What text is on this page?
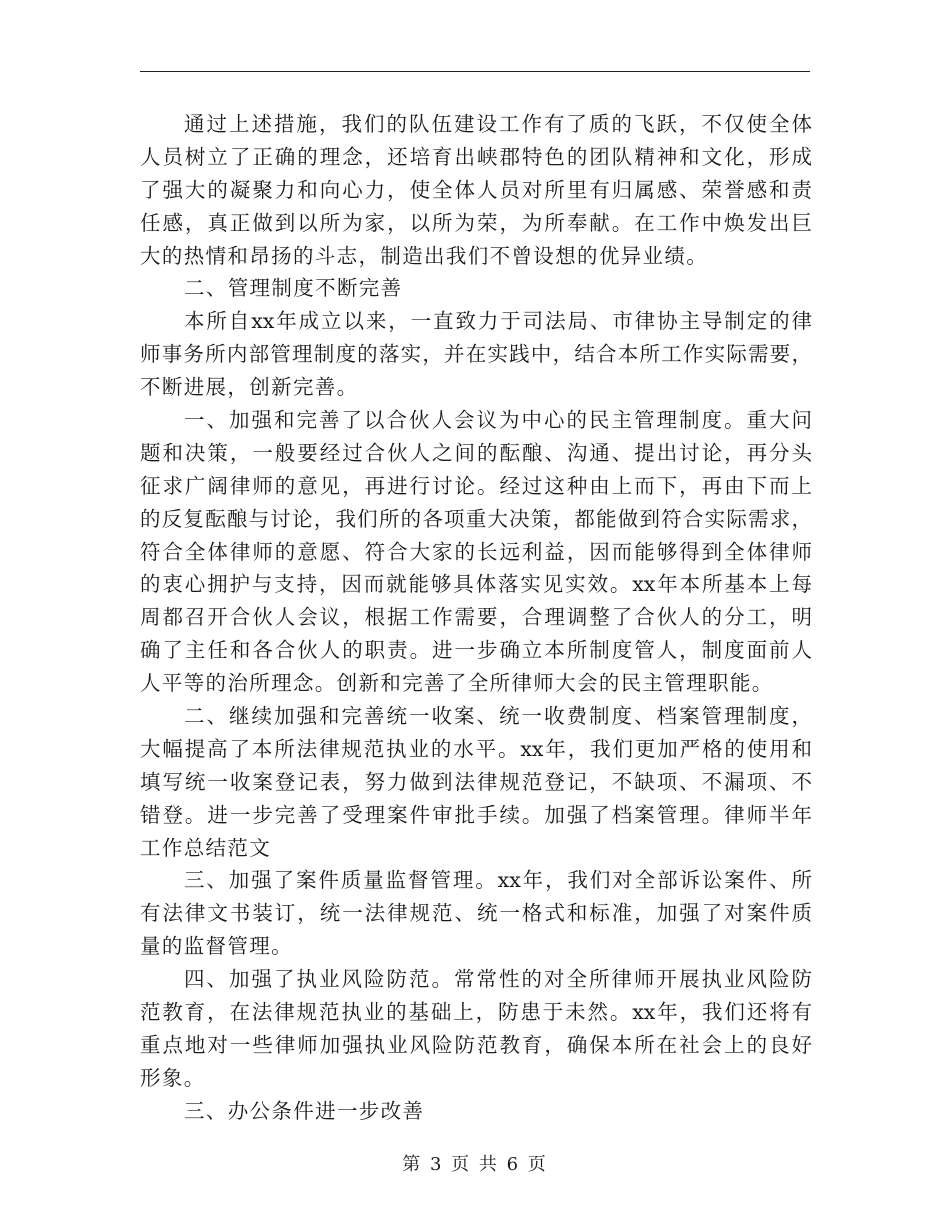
通过上述措施，我们的队伍建设工作有了质的飞跃，不仅使全体
人员树立了正确的理念，还培育出峡郡特色的团队精神和文化，形成
了强大的凝聚力和向心力，使全体人员对所里有归属感、荣誉感和责
任感，真正做到以所为家，以所为荣，为所奉献。在工作中焕发出巨
大的热情和昂扬的斗志，制造出我们不曾设想的优异业绩。
二、管理制度不断完善
本所自xx年成立以来，一直致力于司法局、市律协主导制定的律
师事务所内部管理制度的落实，并在实践中，结合本所工作实际需要，
不断进展，创新完善。
一、加强和完善了以合伙人会议为中心的民主管理制度。重大问
题和决策，一般要经过合伙人之间的酝酿、沟通、提出讨论，再分头
征求广阔律师的意见，再进行讨论。经过这种由上而下，再由下而上
的反复酝酿与讨论，我们所的各项重大决策，都能做到符合实际需求，
符合全体律师的意愿、符合大家的长远利益，因而能够得到全体律师
的衷心拥护与支持，因而就能够具体落实见实效。xx年本所基本上每
周都召开合伙人会议，根据工作需要，合理调整了合伙人的分工，明
确了主任和各合伙人的职责。进一步确立本所制度管人，制度面前人
人平等的治所理念。创新和完善了全所律师大会的民主管理职能。
二、继续加强和完善统一收案、统一收费制度、档案管理制度，
大幅提高了本所法律规范执业的水平。xx年，我们更加严格的使用和
填写统一收案登记表，努力做到法律规范登记，不缺项、不漏项、不
错登。进一步完善了受理案件审批手续。加强了档案管理。律师半年
工作总结范文
三、加强了案件质量监督管理。xx年，我们对全部诉讼案件、所
有法律文书装订，统一法律规范、统一格式和标准，加强了对案件质
量的监督管理。
四、加强了执业风险防范。常常性的对全所律师开展执业风险防
范教育，在法律规范执业的基础上，防患于未然。xx年，我们还将有
重点地对一些律师加强执业风险防范教育，确保本所在社会上的良好
形象。
三、办公条件进一步改善
第 3 页 共 6 页
